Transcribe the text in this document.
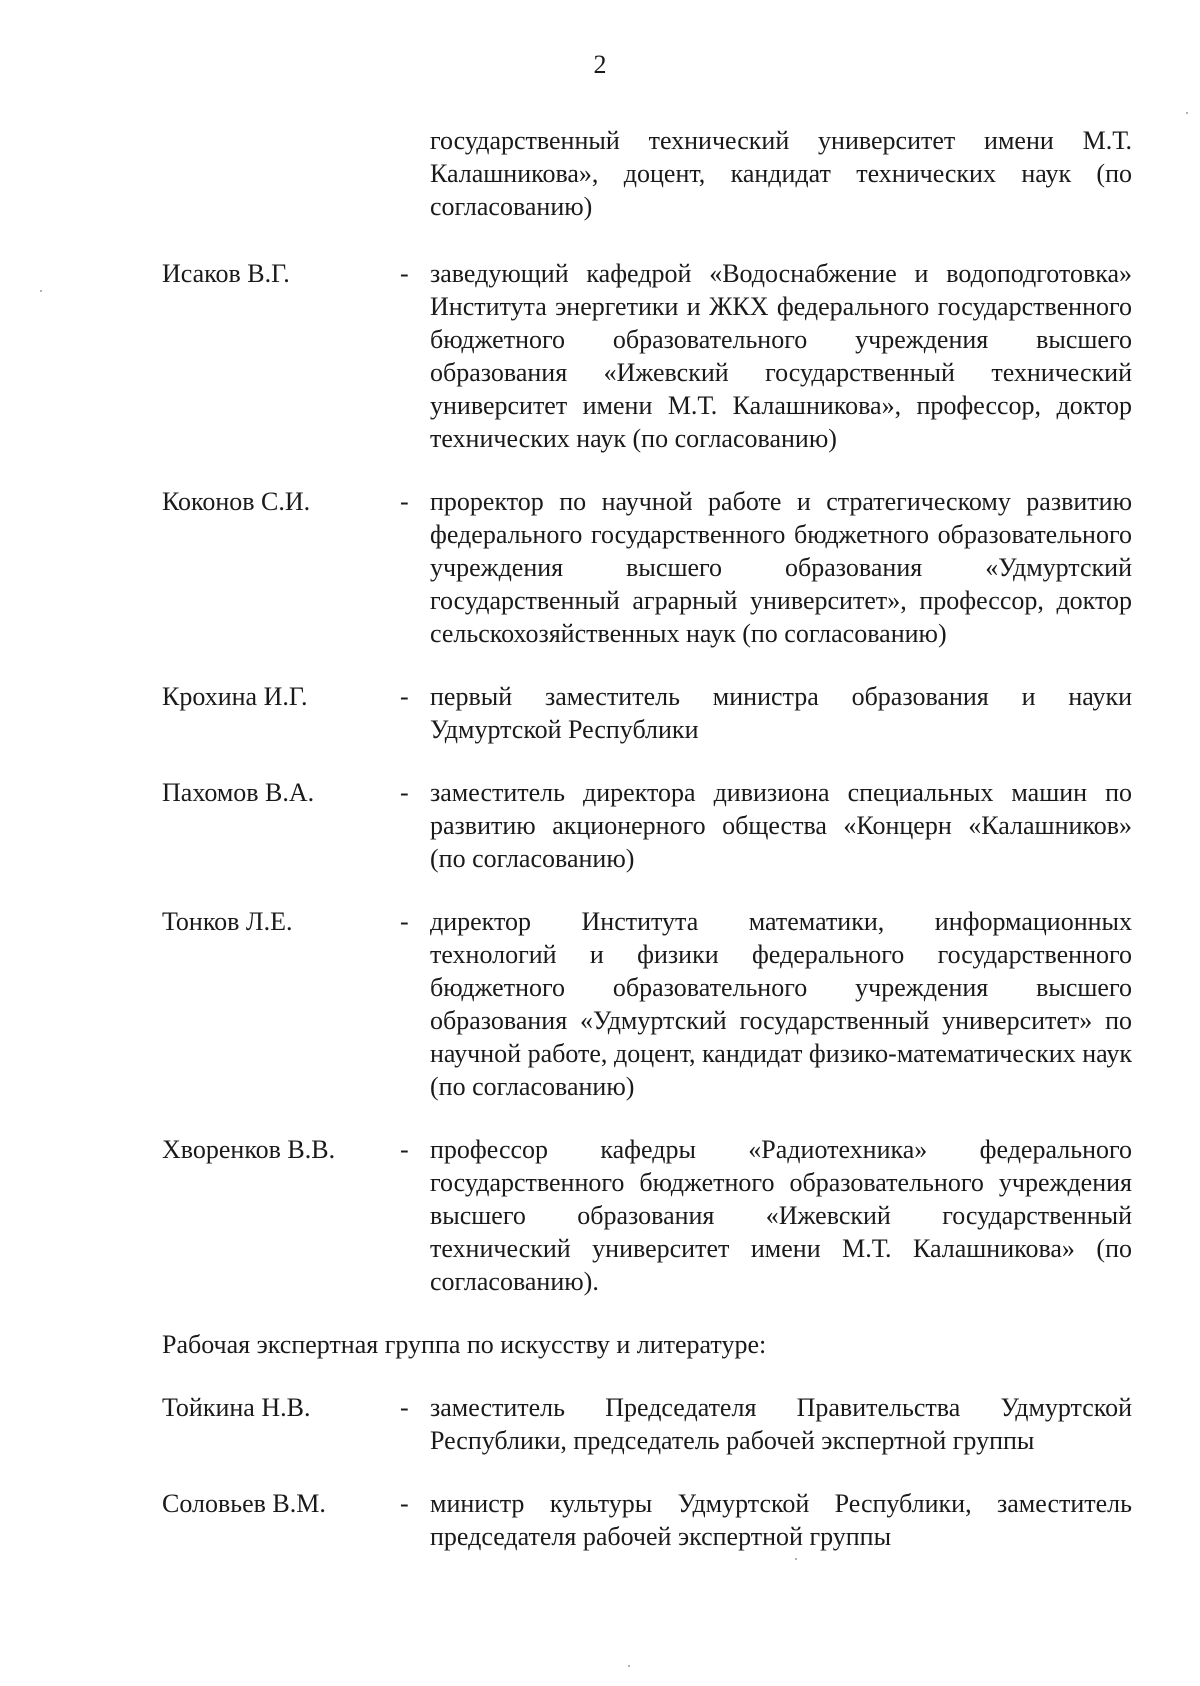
2
государственный технический университет имени М.Т. Калашникова», доцент, кандидат технических наук (по согласованию)
Исаков В.Г.	- заведующий кафедрой «Водоснабжение и водоподготовка» Института энергетики и ЖКХ федерального государственного бюджетного образовательного учреждения высшего образования «Ижевский государственный технический университет имени М.Т. Калашникова», профессор, доктор технических наук (по согласованию)
Коконов С.И.	- проректор по научной работе и стратегическому развитию федерального государственного бюджетного образовательного учреждения высшего образования «Удмуртский государственный аграрный университет», профессор, доктор сельскохозяйственных наук (по согласованию)
Крохина И.Г.	- первый заместитель министра образования и науки Удмуртской Республики
Пахомов В.А.	- заместитель директора дивизиона специальных машин по развитию акционерного общества «Концерн «Калашников» (по согласованию)
Тонков Л.Е.	- директор Института математики, информационных технологий и физики федерального государственного бюджетного образовательного учреждения высшего образования «Удмуртский государственный университет» по научной работе, доцент, кандидат физико-математических наук (по согласованию)
Хворенков В.В.	- профессор кафедры «Радиотехника» федерального государственного бюджетного образовательного учреждения высшего образования «Ижевский государственный технический университет имени М.Т. Калашникова» (по согласованию).
Рабочая экспертная группа по искусству и литературе:
Тойкина Н.В.	- заместитель Председателя Правительства Удмуртской Республики, председатель рабочей экспертной группы
Соловьев В.М.	- министр культуры Удмуртской Республики, заместитель председателя рабочей экспертной группы
